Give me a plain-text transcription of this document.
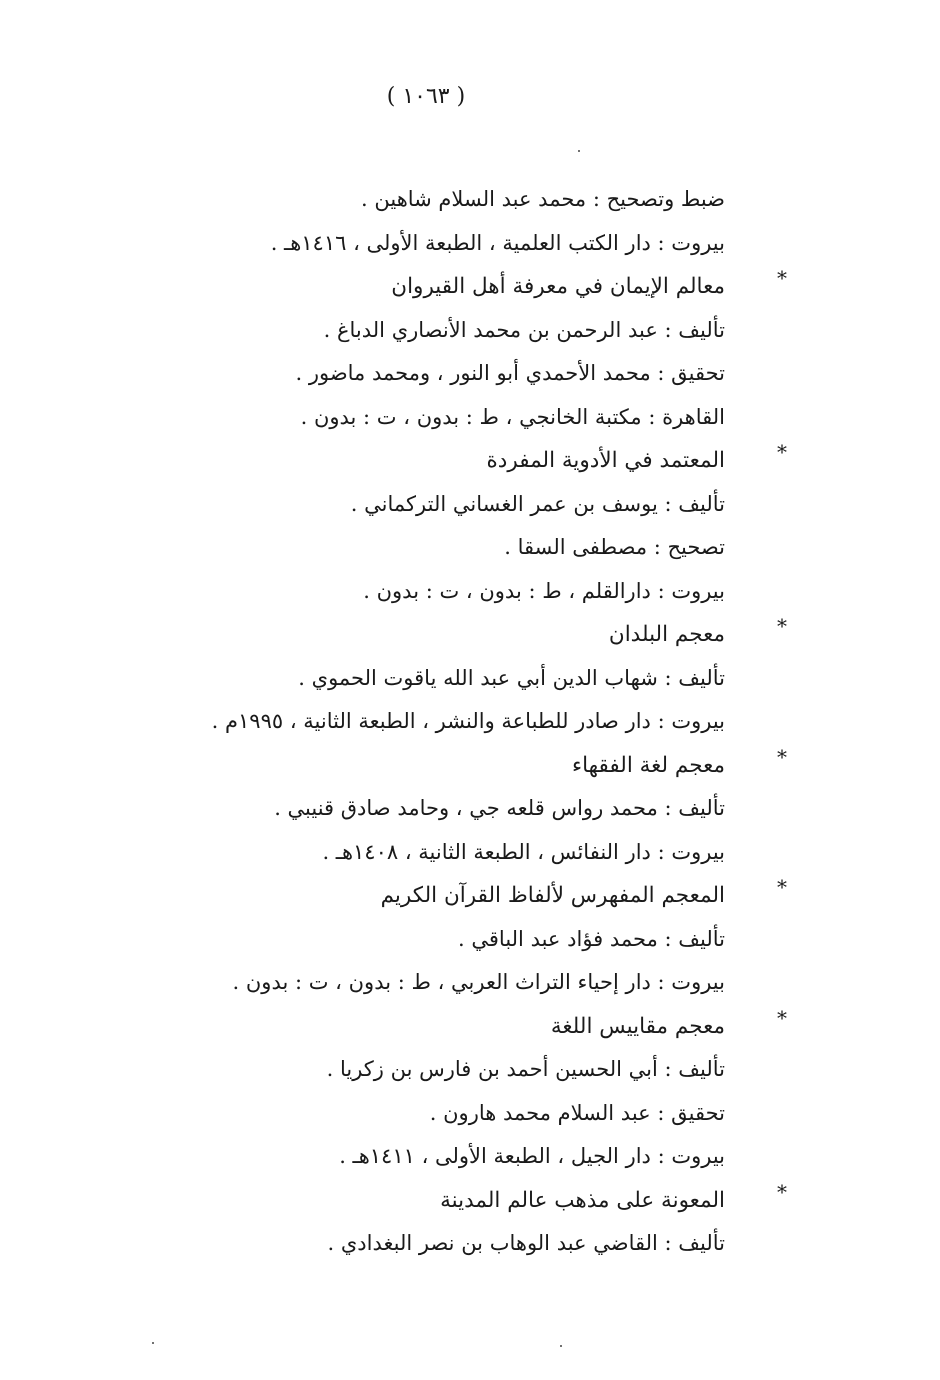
( ١٠٦٣ )
ضبط وتصحيح : محمد عبد السلام شاهين .
بيروت : دار الكتب العلمية ، الطبعة الأولى ، ١٤١٦هـ .
*
معالم الإيمان في معرفة أهل القيروان
تأليف : عبد الرحمن بن محمد الأنصاري الدباغ .
تحقيق : محمد الأحمدي أبو النور ، ومحمد ماضور .
القاهرة : مكتبة الخانجي ، ط : بدون ، ت : بدون .
*
المعتمد في الأدوية المفردة
تأليف : يوسف بن عمر الغساني التركماني .
تصحيح : مصطفى السقا .
بيروت : دارالقلم ، ط : بدون ، ت : بدون .
*
معجم البلدان
تأليف : شهاب الدين أبي عبد الله ياقوت الحموي .
بيروت : دار صادر للطباعة والنشر ، الطبعة الثانية ، ١٩٩٥م .
*
معجم لغة الفقهاء
تأليف : محمد رواس قلعه جي ، وحامد صادق قنيبي .
بيروت : دار النفائس ، الطبعة الثانية ، ١٤٠٨هـ .
*
المعجم المفهرس لألفاظ القرآن الكريم
تأليف : محمد فؤاد عبد الباقي .
بيروت : دار إحياء التراث العربي ، ط : بدون ، ت : بدون .
*
معجم مقاييس اللغة
تأليف : أبي الحسين أحمد بن فارس بن زكريا .
تحقيق : عبد السلام محمد هارون .
بيروت : دار الجيل ، الطبعة الأولى ، ١٤١١هـ .
*
المعونة على مذهب عالم المدينة
تأليف : القاضي عبد الوهاب بن نصر البغدادي .
